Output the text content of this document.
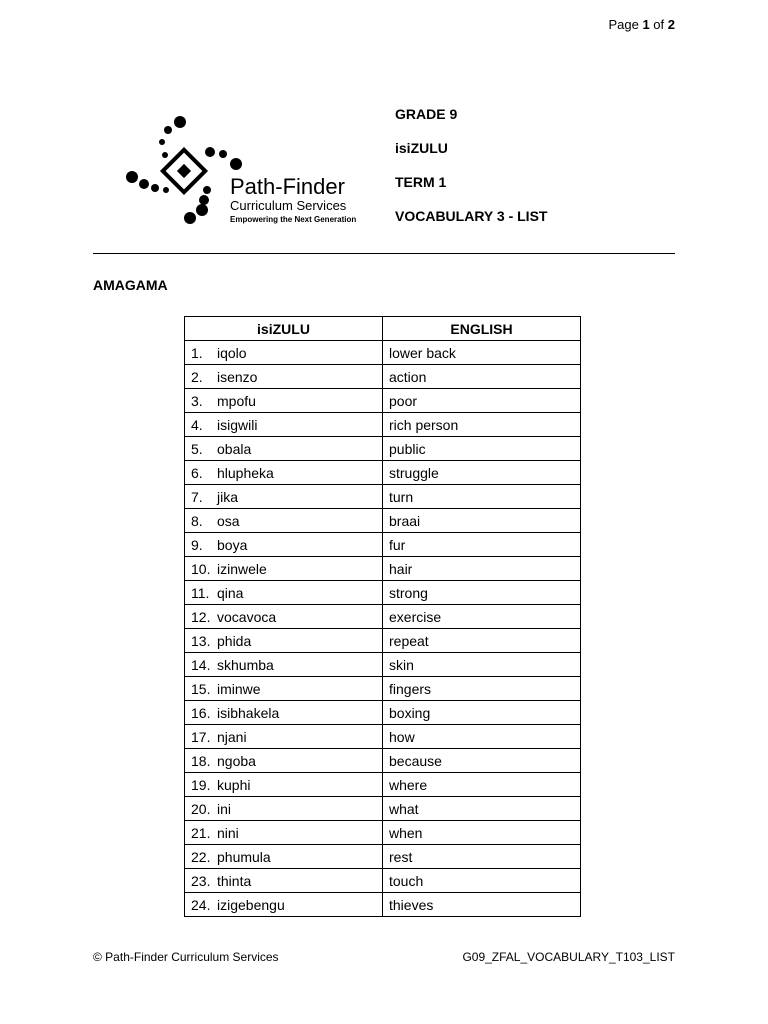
Page 1 of 2
Path-Finder
Curriculum Services
Empowering the Next Generation
GRADE 9
isiZULU
TERM 1
VOCABULARY 3 - LIST
AMAGAMA
isiZULU	ENGLISH
1. iqolo	lower back
2. isenzo	action
3. mpofu	poor
4. isigwili	rich person
5. obala	public
6. hlupheka	struggle
7. jika	turn
8. osa	braai
9. boya	fur
10. izinwele	hair
11. qina	strong
12. vocavoca	exercise
13. phida	repeat
14. skhumba	skin
15. iminwe	fingers
16. isibhakela	boxing
17. njani	how
18. ngoba	because
19. kuphi	where
20. ini	what
21. nini	when
22. phumula	rest
23. thinta	touch
24. izigebengu	thieves
© Path-Finder Curriculum Services	G09_ZFAL_VOCABULARY_T103_LIST
